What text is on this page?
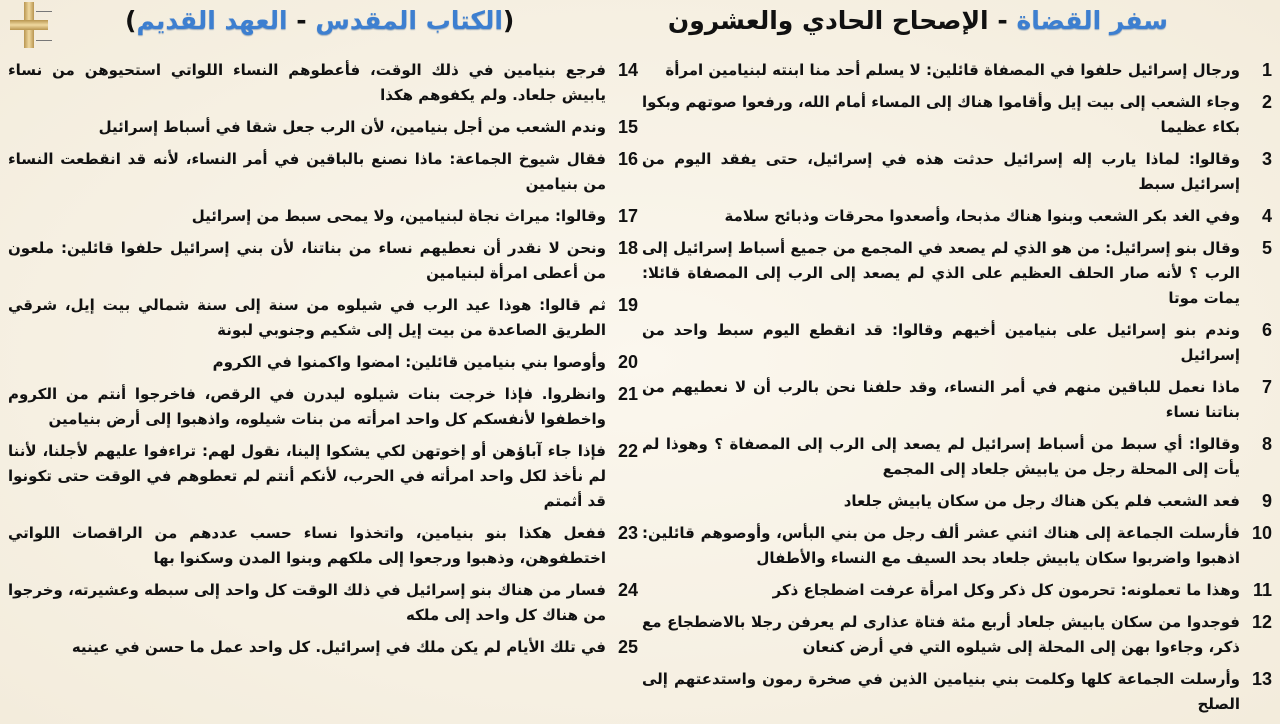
سفر القضاة - الإصحاح الحادي والعشرون
(الكتاب المقدس - العهد القديم)
1
ورجال إسرائيل حلفوا في المصفاة قائلين: لا يسلم أحد منا ابنته لبنيامين امرأة
2
وجاء الشعب إلى بيت إيل وأقاموا هناك إلى المساء أمام الله، ورفعوا صوتهم وبكوا بكاء عظيما
3
وقالوا: لماذا يارب إله إسرائيل حدثت هذه في إسرائيل، حتى يفقد اليوم من إسرائيل سبط
4
وفي الغد بكر الشعب وبنوا هناك مذبحا، وأصعدوا محرقات وذبائح سلامة
5
وقال بنو إسرائيل: من هو الذي لم يصعد في المجمع من جميع أسباط إسرائيل إلى الرب ؟ لأنه صار الحلف العظيم على الذي لم يصعد إلى الرب إلى المصفاة قائلا: يمات موتا
6
وندم بنو إسرائيل على بنيامين أخيهم وقالوا: قد انقطع اليوم سبط واحد من إسرائيل
7
ماذا نعمل للباقين منهم في أمر النساء، وقد حلفنا نحن بالرب أن لا نعطيهم من بناتنا نساء
8
وقالوا: أي سبط من أسباط إسرائيل لم يصعد إلى الرب إلى المصفاة ؟ وهوذا لم يأت إلى المحلة رجل من يابيش جلعاد إلى المجمع
9
فعد الشعب فلم يكن هناك رجل من سكان يابيش جلعاد
10
فأرسلت الجماعة إلى هناك اثني عشر ألف رجل من بني البأس، وأوصوهم قائلين: اذهبوا واضربوا سكان يابيش جلعاد بحد السيف مع النساء والأطفال
11
وهذا ما تعملونه: تحرمون كل ذكر وكل امرأة عرفت اضطجاع ذكر
12
فوجدوا من سكان يابيش جلعاد أربع مئة فتاة عذارى لم يعرفن رجلا بالاضطجاع مع ذكر، وجاءوا بهن إلى المحلة إلى شيلوه التي في أرض كنعان
13
وأرسلت الجماعة كلها وكلمت بني بنيامين الذين في صخرة رمون واستدعتهم إلى الصلح
14
فرجع بنيامين في ذلك الوقت، فأعطوهم النساء اللواتي استحيوهن من نساء يابيش جلعاد. ولم يكفوهم هكذا
15
وندم الشعب من أجل بنيامين، لأن الرب جعل شقا في أسباط إسرائيل
16
فقال شيوخ الجماعة: ماذا نصنع بالباقين في أمر النساء، لأنه قد انقطعت النساء من بنيامين
17
وقالوا: ميراث نجاة لبنيامين، ولا يمحى سبط من إسرائيل
18
ونحن لا نقدر أن نعطيهم نساء من بناتنا، لأن بني إسرائيل حلفوا قائلين: ملعون من أعطى امرأة لبنيامين
19
ثم قالوا: هوذا عيد الرب في شيلوه من سنة إلى سنة شمالي بيت إيل، شرقي الطريق الصاعدة من بيت إيل إلى شكيم وجنوبي لبونة
20
وأوصوا بني بنيامين قائلين: امضوا واكمنوا في الكروم
21
وانظروا. فإذا خرجت بنات شيلوه ليدرن في الرقص، فاخرجوا أنتم من الكروم واخطفوا لأنفسكم كل واحد امرأته من بنات شيلوه، واذهبوا إلى أرض بنيامين
22
فإذا جاء آباؤهن أو إخوتهن لكي يشكوا إلينا، نقول لهم: تراءفوا عليهم لأجلنا، لأننا لم نأخذ لكل واحد امرأته في الحرب، لأنكم أنتم لم تعطوهم في الوقت حتى تكونوا قد أثمتم
23
ففعل هكذا بنو بنيامين، واتخذوا نساء حسب عددهم من الراقصات اللواتي اختطفوهن، وذهبوا ورجعوا إلى ملكهم وبنوا المدن وسكنوا بها
24
فسار من هناك بنو إسرائيل في ذلك الوقت كل واحد إلى سبطه وعشيرته، وخرجوا من هناك كل واحد إلى ملكه
25
في تلك الأيام لم يكن ملك في إسرائيل. كل واحد عمل ما حسن في عينيه
